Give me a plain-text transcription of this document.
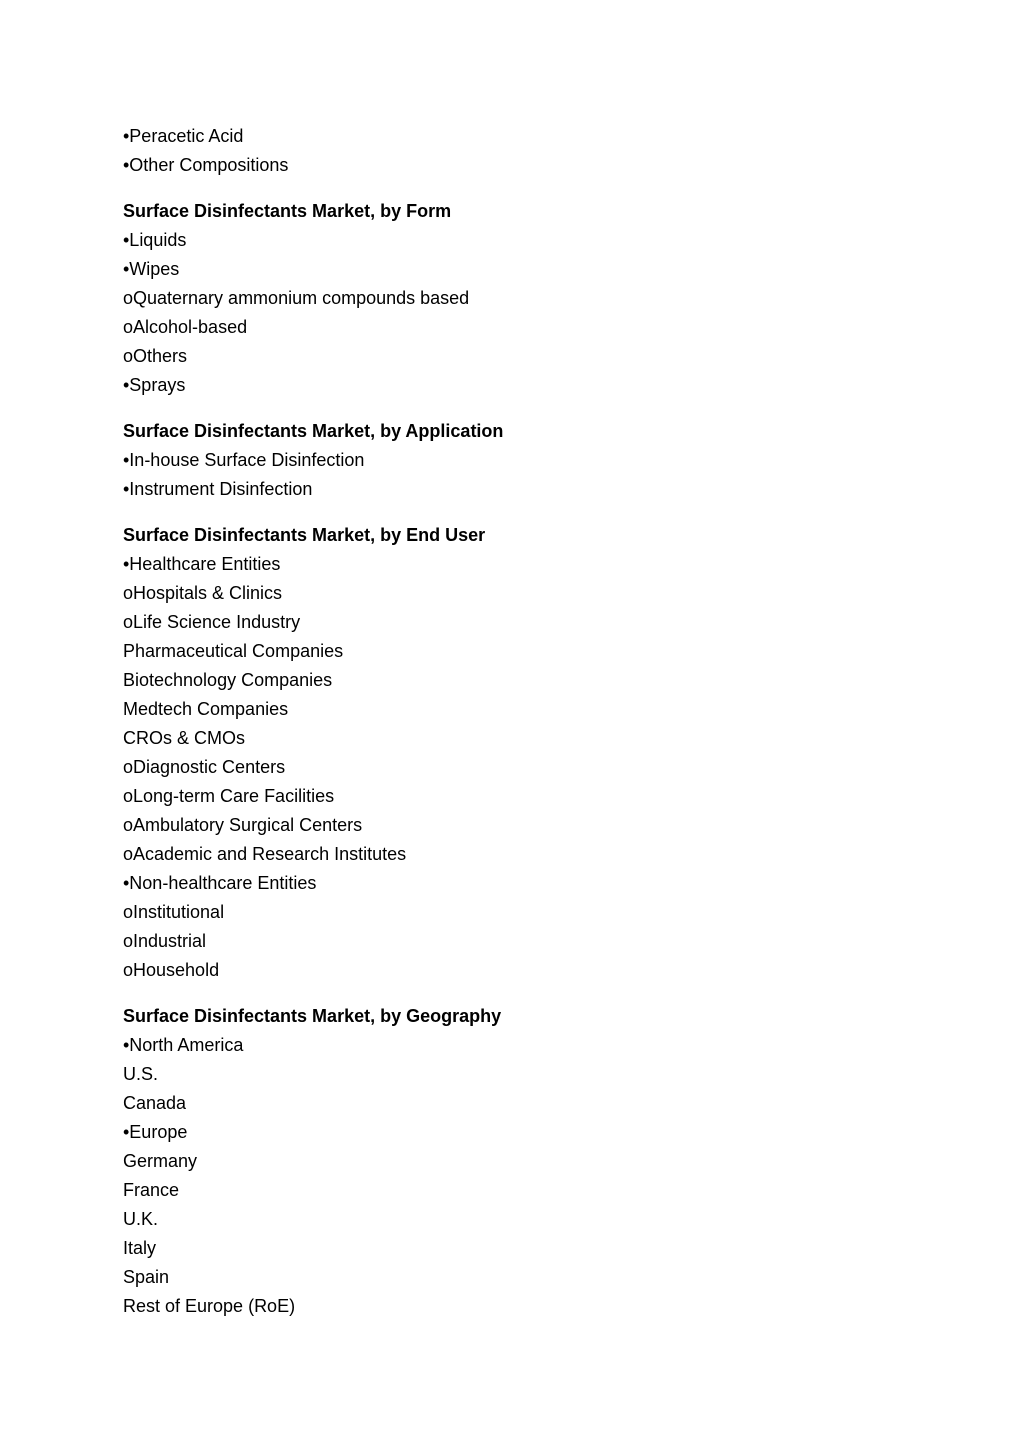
•Peracetic Acid
•Other Compositions
Surface Disinfectants Market, by Form
•Liquids
•Wipes
oQuaternary ammonium compounds based
oAlcohol-based
oOthers
•Sprays
Surface Disinfectants Market, by Application
•In-house Surface Disinfection
•Instrument Disinfection
Surface Disinfectants Market, by End User
•Healthcare Entities
oHospitals & Clinics
oLife Science Industry
Pharmaceutical Companies
Biotechnology Companies
Medtech Companies
CROs & CMOs
oDiagnostic Centers
oLong-term Care Facilities
oAmbulatory Surgical Centers
oAcademic and Research Institutes
•Non-healthcare Entities
oInstitutional
oIndustrial
oHousehold
Surface Disinfectants Market, by Geography
•North America
U.S.
Canada
•Europe
Germany
France
U.K.
Italy
Spain
Rest of Europe (RoE)
